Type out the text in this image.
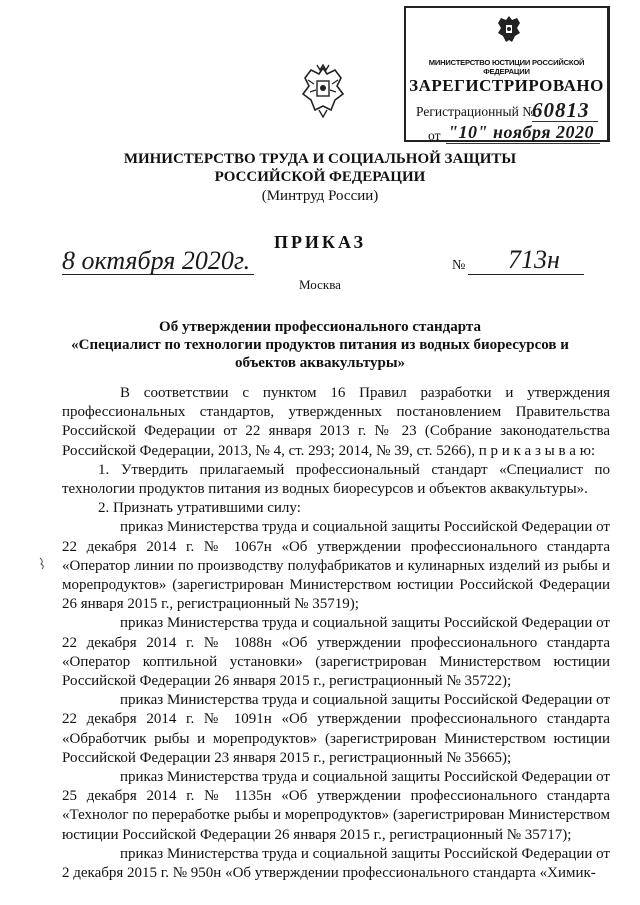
МИНИСТЕРСТВО ЮСТИЦИИ РОССИЙСКОЙ ФЕДЕРАЦИИ
ЗАРЕГИСТРИРОВАНО
Регистрационный №
60813
от "10" ноября 2020
МИНИСТЕРСТВО ТРУДА И СОЦИАЛЬНОЙ ЗАЩИТЫ
РОССИЙСКОЙ ФЕДЕРАЦИИ
(Минтруд России)
ПРИКАЗ
8 октября 2020г.	№ 713н
Москва
Об утверждении профессионального стандарта
«Специалист по технологии продуктов питания из водных биоресурсов и
объектов аквакультуры»

В соответствии с пунктом 16 Правил разработки и утверждения профессиональных стандартов, утвержденных постановлением Правительства Российской Федерации от 22 января 2013 г. № 23 (Собрание законодательства Российской Федерации, 2013, № 4, ст. 293; 2014, № 39, ст. 5266), п р и к а з ы в а ю:

1. Утвердить прилагаемый профессиональный стандарт «Специалист по технологии продуктов питания из водных биоресурсов и объектов аквакультуры».

2. Признать утратившими силу:

приказ Министерства труда и социальной защиты Российской Федерации от 22 декабря 2014 г. № 1067н «Об утверждении профессионального стандарта «Оператор линии по производству полуфабрикатов и кулинарных изделий из рыбы и морепродуктов» (зарегистрирован Министерством юстиции Российской Федерации 26 января 2015 г., регистрационный № 35719);

приказ Министерства труда и социальной защиты Российской Федерации от 22 декабря 2014 г. № 1088н «Об утверждении профессионального стандарта «Оператор коптильной установки» (зарегистрирован Министерством юстиции Российской Федерации 26 января 2015 г., регистрационный № 35722);

приказ Министерства труда и социальной защиты Российской Федерации от 22 декабря 2014 г. № 1091н «Об утверждении профессионального стандарта «Обработчик рыбы и морепродуктов» (зарегистрирован Министерством юстиции Российской Федерации 23 января 2015 г., регистрационный № 35665);

приказ Министерства труда и социальной защиты Российской Федерации от 25 декабря 2014 г. № 1135н «Об утверждении профессионального стандарта «Технолог по переработке рыбы и морепродуктов» (зарегистрирован Министерством юстиции Российской Федерации 26 января 2015 г., регистрационный № 35717);

приказ Министерства труда и социальной защиты Российской Федерации от 2 декабря 2015 г. № 950н «Об утверждении профессионального стандарта «Химик-
